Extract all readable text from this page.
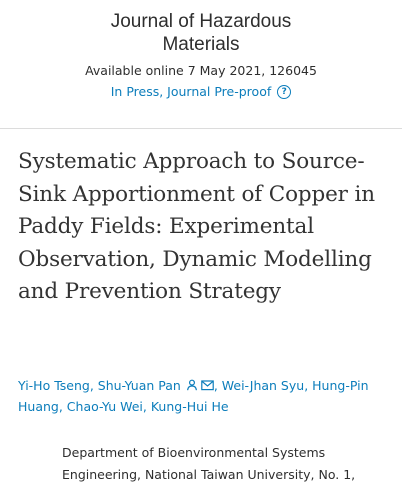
Journal of Hazardous Materials
Available online 7 May 2021, 126045
In Press, Journal Pre-proof	?
Systematic Approach to Source-Sink Apportionment of Copper in Paddy Fields: Experimental Observation, Dynamic Modelling and Prevention Strategy
Yi-Ho Tseng, Shu-Yuan Pan	, Wei-Jhan Syu, Hung-Pin Huang, Chao-Yu Wei, Kung-Hui He
Department of Bioenvironmental Systems
Engineering, National Taiwan University, No. 1,
